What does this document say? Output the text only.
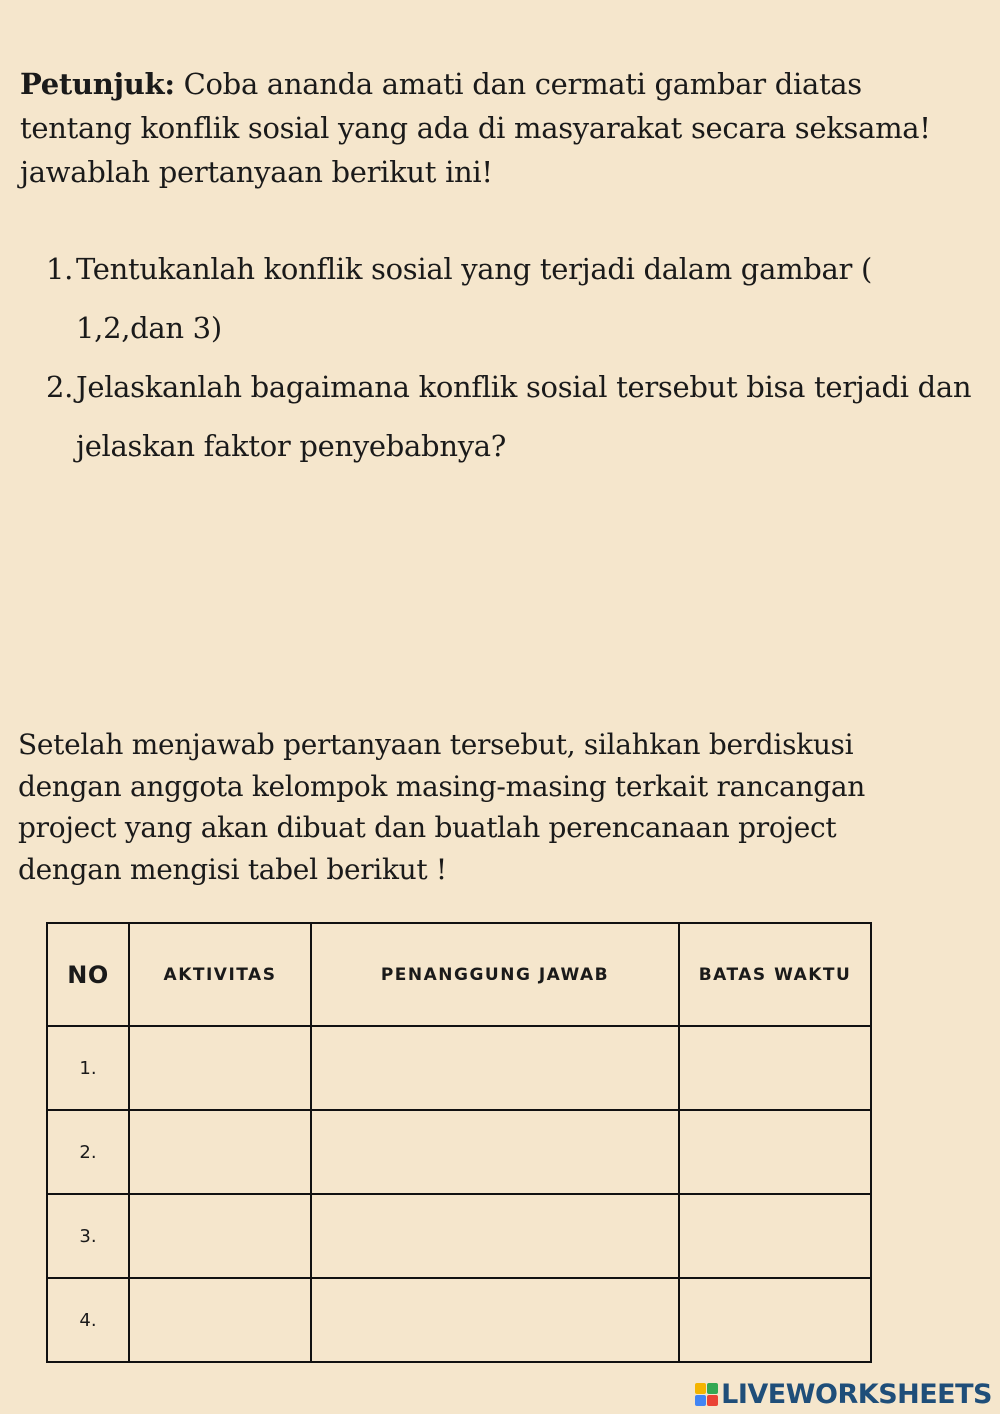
Petunjuk: Coba ananda amati dan cermati gambar diatas tentang konflik sosial yang ada di masyarakat secara seksama! jawablah pertanyaan berikut ini!
1. Tentukanlah konflik sosial yang terjadi dalam gambar ( 1,2,dan 3)
2. Jelaskanlah bagaimana konflik sosial tersebut bisa terjadi dan
jelaskan faktor penyebabnya?
Setelah menjawab pertanyaan tersebut, silahkan berdiskusi dengan anggota kelompok masing-masing terkait rancangan project yang akan dibuat dan buatlah perencanaan project dengan mengisi tabel berikut !
NO	AKTIVITAS	PENANGGUNG JAWAB	BATAS WAKTU
1.			
2.			
3.			
4.			
LIVEWORKSHEETS
